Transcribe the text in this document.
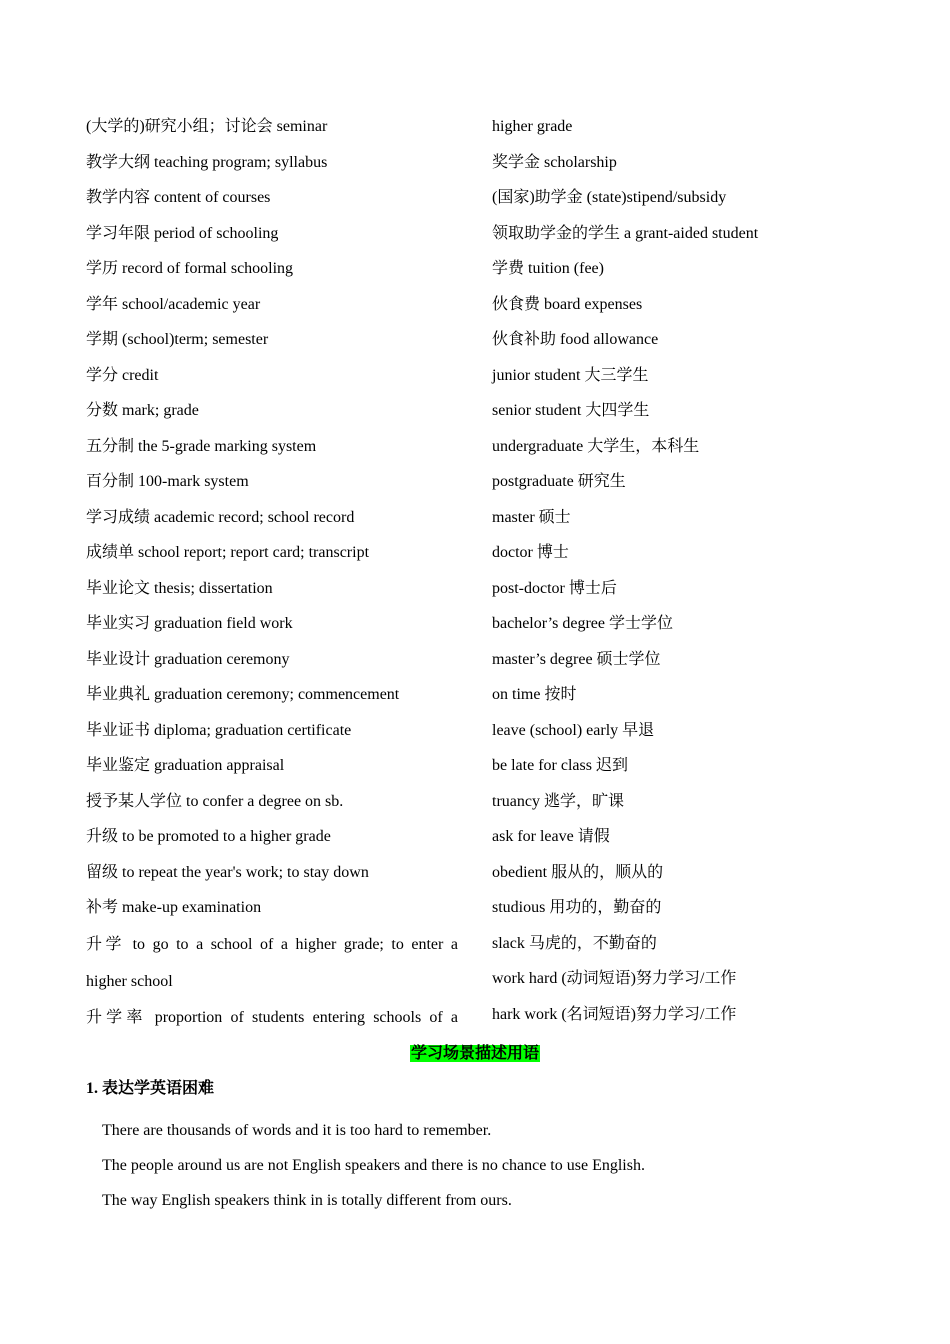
(大学的)研究小组；讨论会 seminar

教学大纲 teaching program; syllabus

教学内容 content of courses

学习年限 period of schooling

学历 record of formal schooling

学年 school/academic year

学期 (school)term; semester

学分 credit

分数 mark; grade

五分制 the 5-grade marking system

百分制 100-mark system

学习成绩 academic record; school record

成绩单 school report; report card; transcript

毕业论文 thesis; dissertation

毕业实习 graduation field work

毕业设计 graduation ceremony

毕业典礼 graduation ceremony; commencement

毕业证书 diploma; graduation certificate

毕业鉴定 graduation appraisal

授予某人学位 to confer a degree on sb.

升级 to be promoted to a higher grade

留级 to repeat the year's work; to stay down

补考 make-up examination

升学 to go to a school of a higher grade; to enter a

higher school

升学率 proportion of students entering schools of a

higher grade

奖学金 scholarship

(国家)助学金 (state)stipend/subsidy

领取助学金的学生 a grant-aided student

学费 tuition (fee)

伙食费 board expenses

伙食补助 food allowance

junior student 大三学生

senior student 大四学生

undergraduate 大学生，本科生

postgraduate 研究生

master 硕士

doctor 博士

post-doctor 博士后

bachelor’s degree 学士学位

master’s degree 硕士学位

on time 按时

leave (school) early 早退

be late for class 迟到

truancy 逃学，旷课

ask for leave 请假

obedient 服从的，顺从的

studious 用功的，勤奋的

slack 马虎的，不勤奋的

work hard (动词短语)努力学习/工作

hark work (名词短语)努力学习/工作

学习场景描述用语
1. 表达学英语困难

There are thousands of words and it is too hard to remember.

The people around us are not English speakers and there is no chance to use English.

The way English speakers think in is totally different from ours.
